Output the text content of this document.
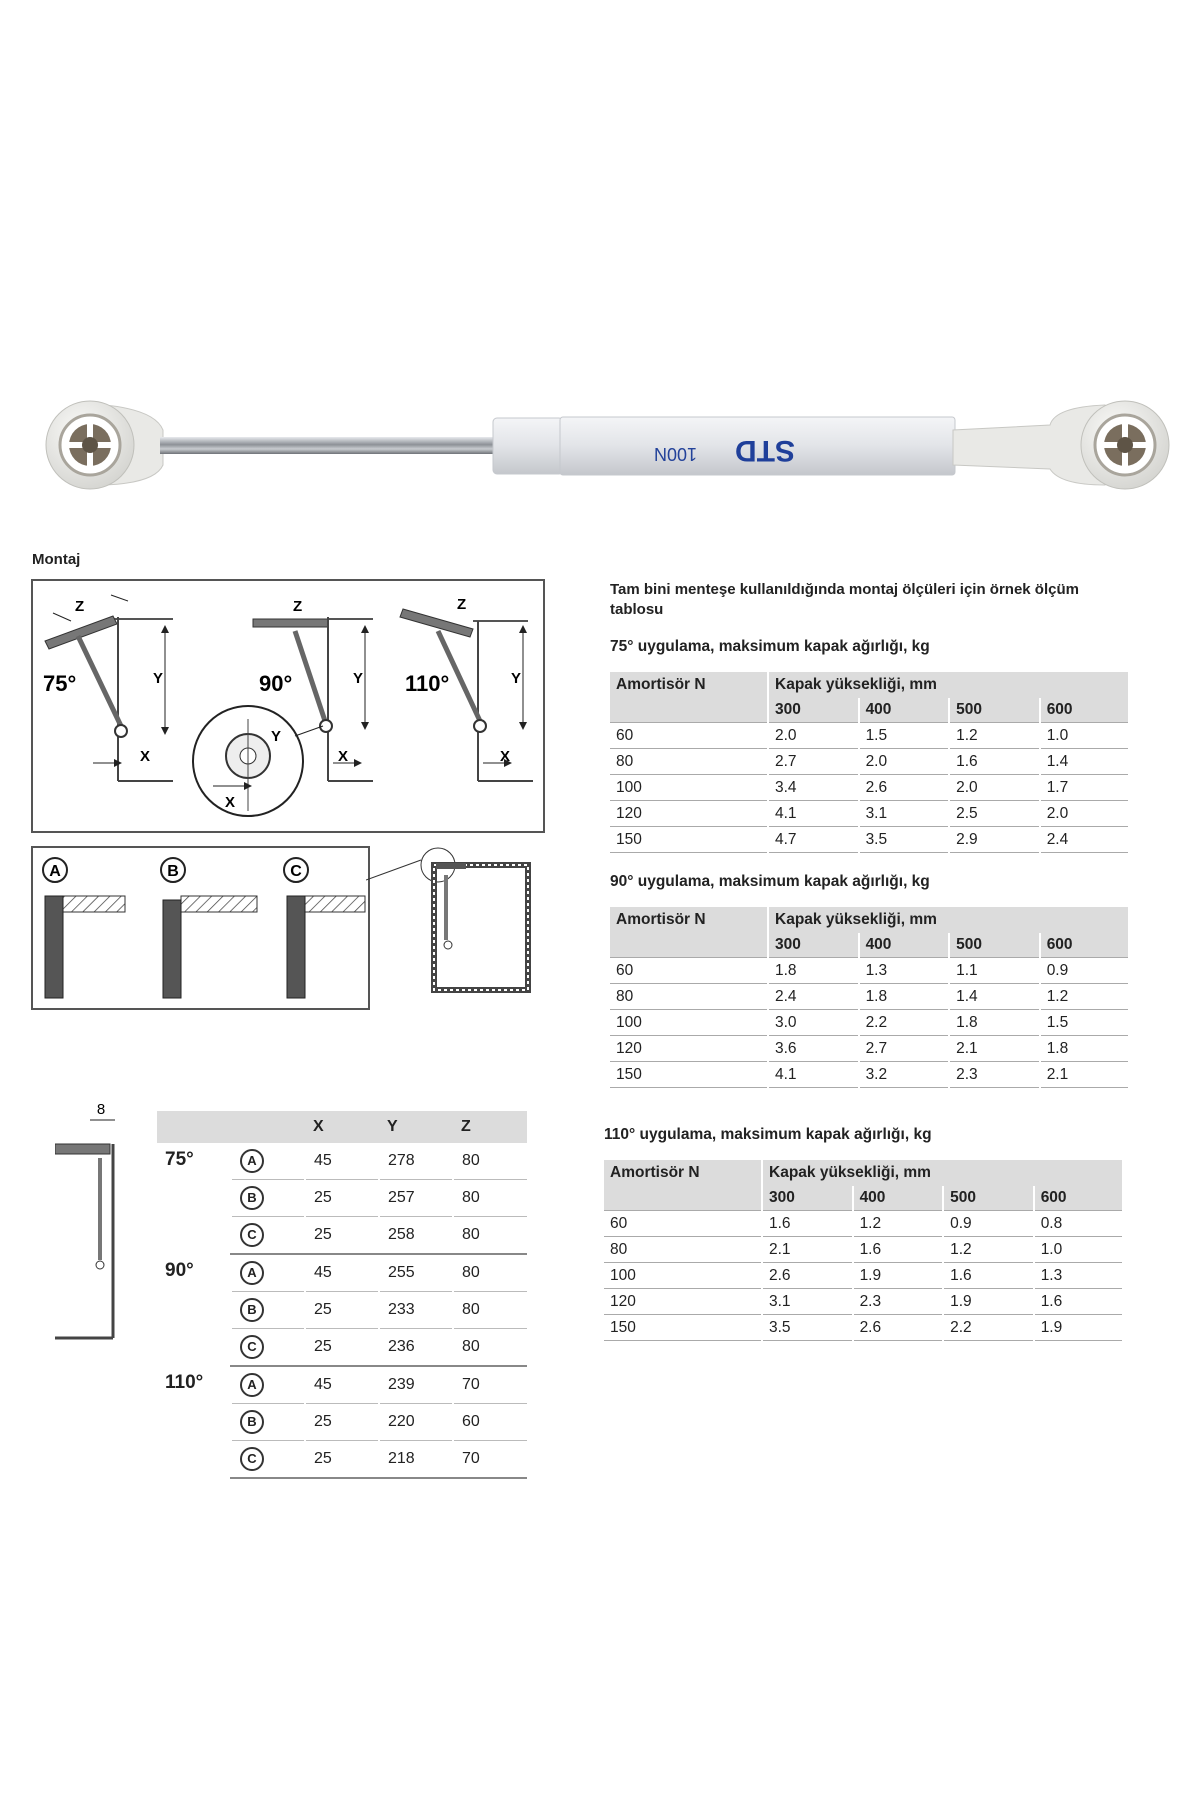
100N STD
Montaj
75°	Y
X
Z
90°	Y
X
Z
Y
X
110°	Y
X
Z
A	B	C
8
		X	Y	Z
75°	A	45	278	80
	B	25	257	80
	C	25	258	80
90°	A	45	255	80
	B	25	233	80
	C	25	236	80
110°	A	45	239	70
	B	25	220	60
	C	25	218	70
Tam bini menteşe kullanıldığında montaj ölçüleri için örnek ölçüm tablosu
75° uygulama, maksimum kapak ağırlığı, kg
Amortisör N	Kapak yüksekliği, mm			
	300	400	500	600
60	2.0	1.5	1.2	1.0
80	2.7	2.0	1.6	1.4
100	3.4	2.6	2.0	1.7
120	4.1	3.1	2.5	2.0
150	4.7	3.5	2.9	2.4
90° uygulama, maksimum kapak ağırlığı, kg
Amortisör N	Kapak yüksekliği, mm			
	300	400	500	600
60	1.8	1.3	1.1	0.9
80	2.4	1.8	1.4	1.2
100	3.0	2.2	1.8	1.5
120	3.6	2.7	2.1	1.8
150	4.1	3.2	2.3	2.1
110° uygulama, maksimum kapak ağırlığı, kg
Amortisör N	Kapak yüksekliği, mm			
	300	400	500	600
60	1.6	1.2	0.9	0.8
80	2.1	1.6	1.2	1.0
100	2.6	1.9	1.6	1.3
120	3.1	2.3	1.9	1.6
150	3.5	2.6	2.2	1.9
